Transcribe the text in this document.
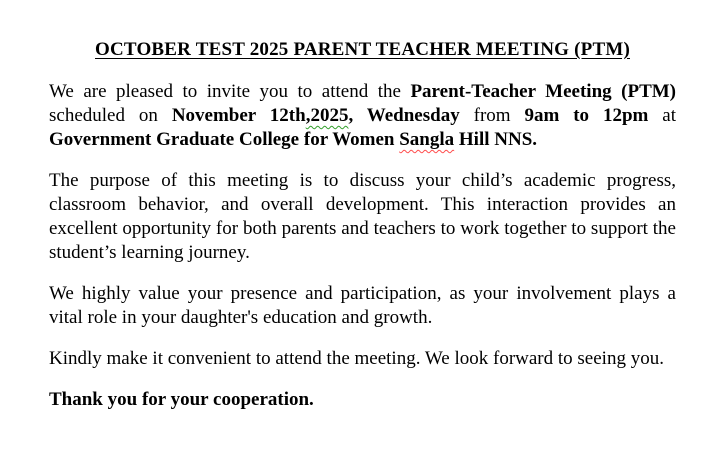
OCTOBER TEST 2025 PARENT TEACHER MEETING (PTM)

We are pleased to invite you to attend the Parent-Teacher Meeting (PTM) scheduled on November 12th,2025, Wednesday from 9am to 12pm at Government Graduate College for Women Sangla Hill NNS.

The purpose of this meeting is to discuss your child’s academic progress, classroom behavior, and overall development. This interaction provides an excellent opportunity for both parents and teachers to work together to support the student’s learning journey.

We highly value your presence and participation, as your involvement plays a vital role in your daughter's education and growth.

Kindly make it convenient to attend the meeting. We look forward to seeing you.

Thank you for your cooperation.
